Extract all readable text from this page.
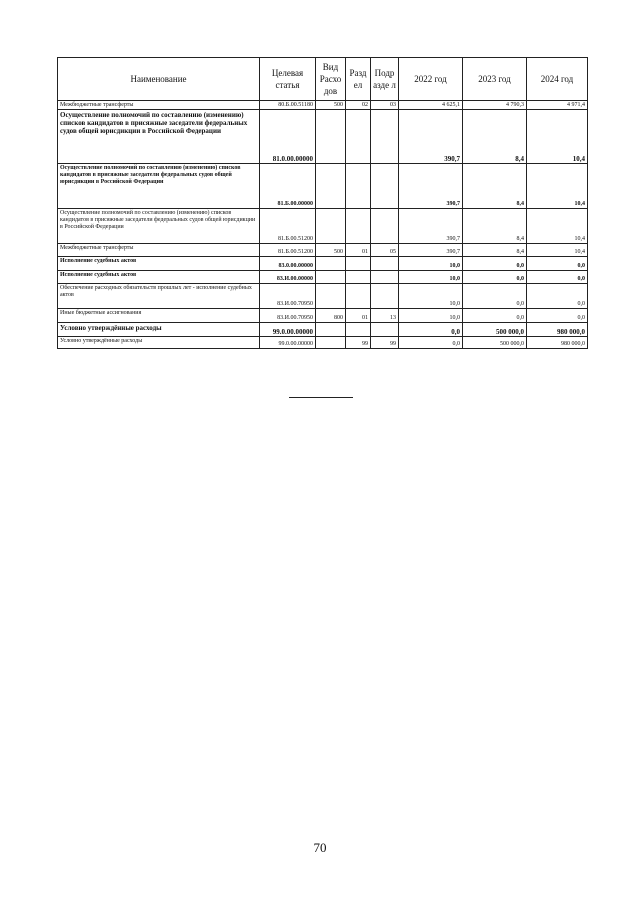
Наименование	Целевая статья	Вид Расхо дов	Разд ел	Подр азде л	2022 год	2023 год	2024 год
Межбюджетные трансферты	80.Б.00.51180	500	02	03	4 625,1	4 790,3	4 971,4
Осуществление полномочий по составлению (изменению) списков кандидатов в присяжные заседатели федеральных судов общей юрисдикции в Российской Федерации	81.0.00.00000				390,7	8,4	10,4
Осуществление полномочий по составлению (изменению) списков кандидатов в присяжные заседатели федеральных судов общей юрисдикции в Российской Федерации	81.Б.00.00000				390,7	8,4	10,4
Осуществление полномочий по составлению (изменению) списков кандидатов в присяжные заседатели федеральных судов общей юрисдикции в Российской Федерации	81.Б.00.51200				390,7	8,4	10,4
Межбюджетные трансферты	81.Б.00.51200	500	01	05	390,7	8,4	10,4
Исполнение судебных актов	83.0.00.00000				10,0	0,0	0,0
Исполнение судебных актов	83.И.00.00000				10,0	0,0	0,0
Обеспечение расходных обязательств прошлых лет - исполнение судебных актов	83.И.00.70950				10,0	0,0	0,0
Иные бюджетные ассигнования	83.И.00.70950	800	01	13	10,0	0,0	0,0
Условно утверждённые расходы	99.0.00.00000				0,0	500 000,0	980 000,0
Условно утверждённые расходы	99.0.00.00000		99	99	0,0	500 000,0	980 000,0
70
